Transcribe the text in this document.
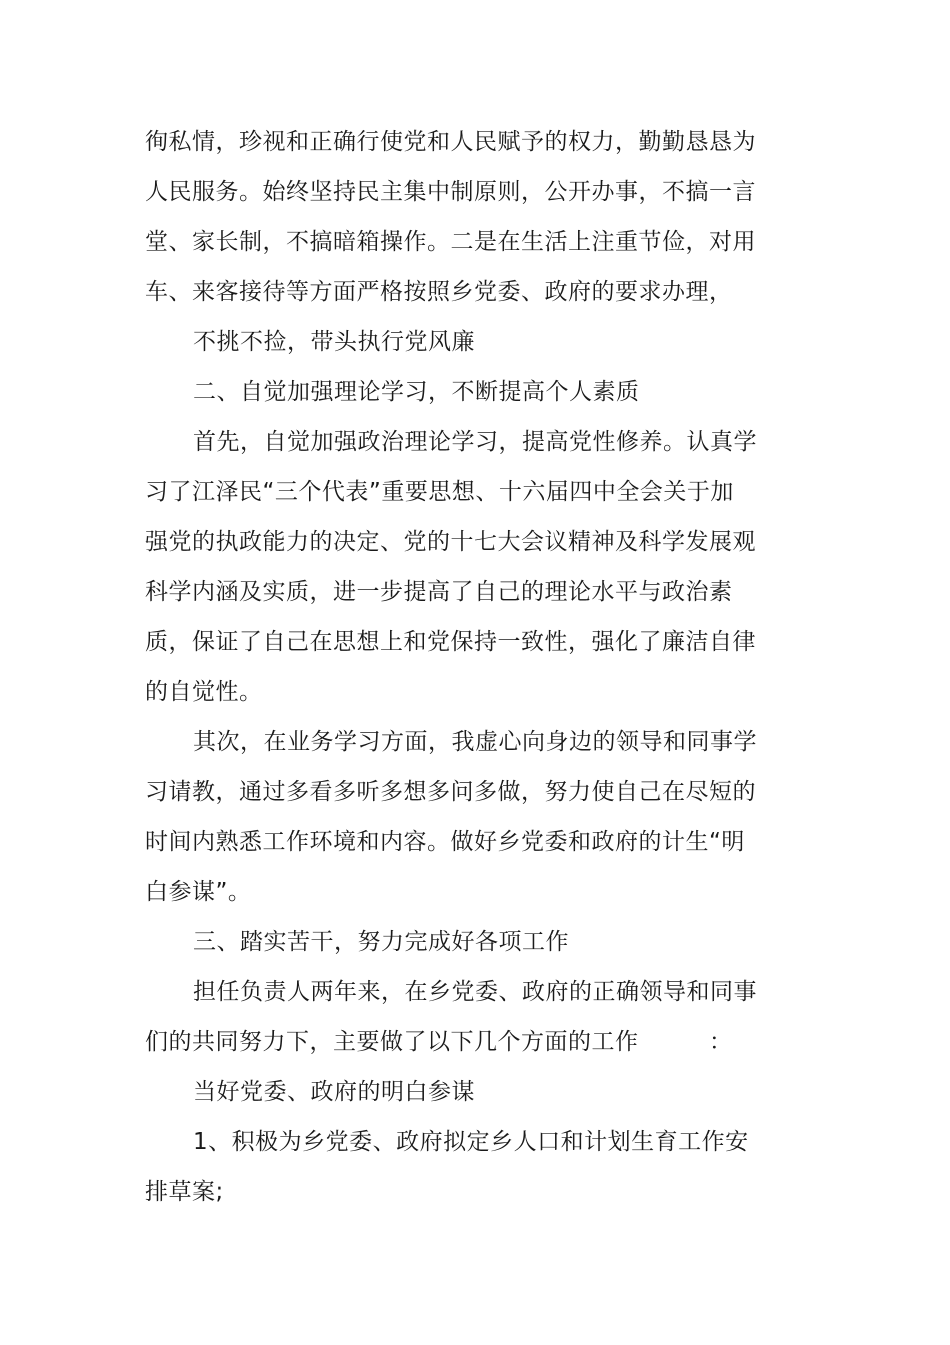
徇私情，珍视和正确行使党和人民赋予的权力，勤勤恳恳为
人民服务。始终坚持民主集中制原则，公开办事，不搞一言
堂、家长制，不搞暗箱操作。二是在生活上注重节俭，对用
车、来客接待等方面严格按照乡党委、政府的要求办理，
不挑不捡，带头执行党风廉
二、自觉加强理论学习，不断提高个人素质
首先，自觉加强政治理论学习，提高党性修养。认真学
习了江泽民“三个代表”重要思想、十六届四中全会关于加
强党的执政能力的决定、党的十七大会议精神及科学发展观
科学内涵及实质，进一步提高了自己的理论水平与政治素
质，保证了自己在思想上和党保持一致性，强化了廉洁自律
的自觉性。
其次，在业务学习方面，我虚心向身边的领导和同事学
习请教，通过多看多听多想多问多做，努力使自己在尽短的
时间内熟悉工作环境和内容。做好乡党委和政府的计生“明
白参谋”。
三、踏实苦干，努力完成好各项工作
担任负责人两年来，在乡党委、政府的正确领导和同事
们的共同努力下，主要做了以下几个方面的工作　　　：
当好党委、政府的明白参谋
1、积极为乡党委、政府拟定乡人口和计划生育工作安
排草案;
